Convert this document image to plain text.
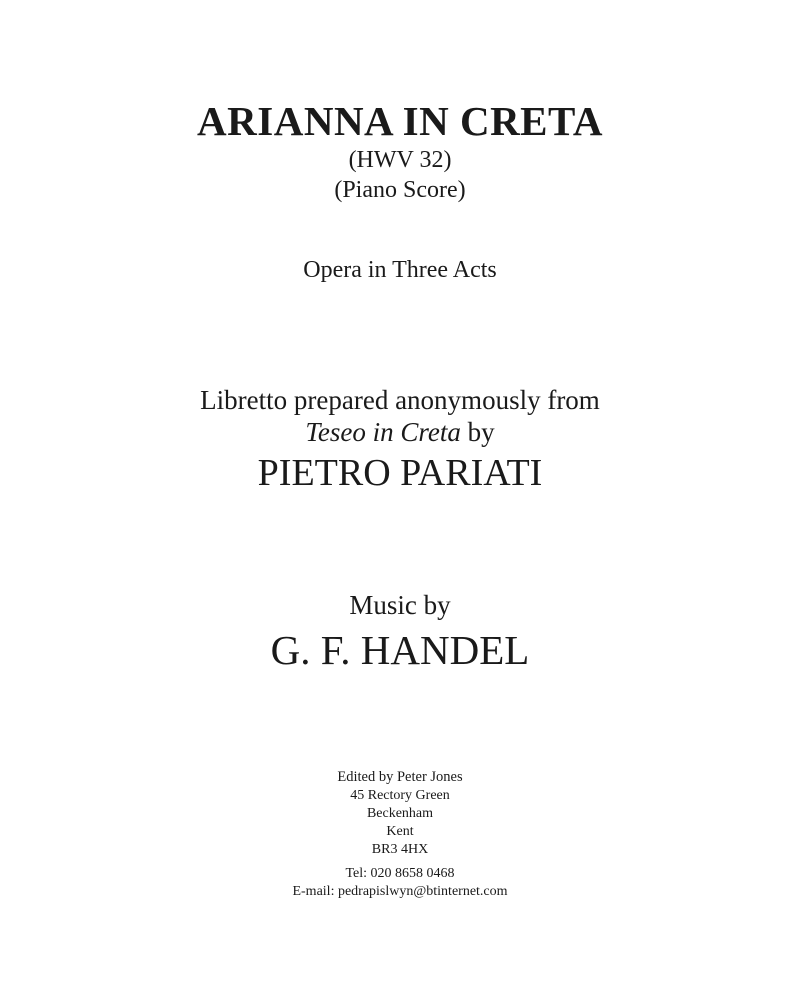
ARIANNA IN CRETA
(HWV 32)
(Piano Score)
Opera in Three Acts
Libretto prepared anonymously from
Teseo in Creta by
PIETRO PARIATI
Music by
G. F. HANDEL
Edited by Peter Jones
45 Rectory Green
Beckenham
Kent
BR3 4HX
Tel: 020 8658 0468
E-mail: pedrapislwyn@btinternet.com
